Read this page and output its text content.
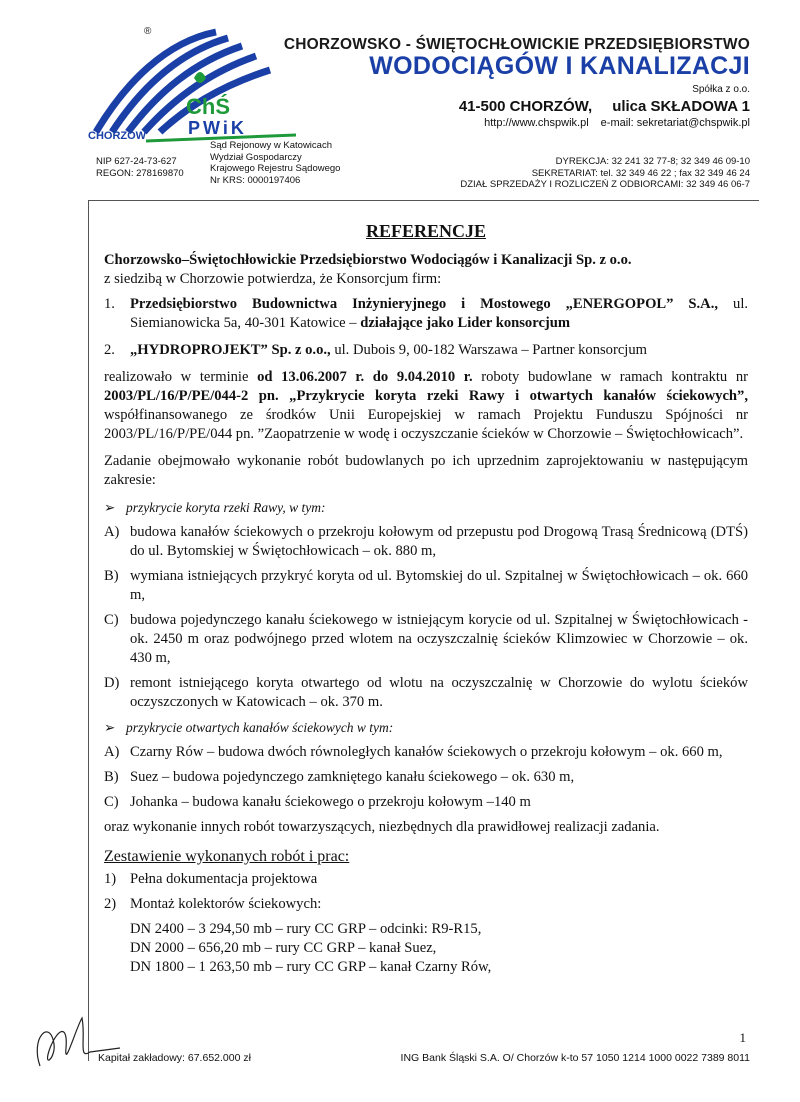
®
ChŚ
PWiK
CHORZÓW
CHORZOWSKO - ŚWIĘTOCHŁOWICKIE PRZEDSIĘBIORSTWO
WODOCIĄGÓW I KANALIZACJI
Spółka z o.o.
41-500 CHORZÓW, ulica SKŁADOWA 1
http://www.chspwik.pl e-mail: sekretariat@chspwik.pl
NIP 627-24-73-627
REGON: 278169870
Sąd Rejonowy w Katowicach
Wydział Gospodarczy
Krajowego Rejestru Sądowego
Nr KRS: 0000197406
DYREKCJA: 32 241 32 77-8; 32 349 46 09-10
SEKRETARIAT: tel. 32 349 46 22 ; fax 32 349 46 24
DZIAŁ SPRZEDAŻY I ROZLICZEŃ Z ODBIORCAMI: 32 349 46 06-7
REFERENCJE

Chorzowsko–Świętochłowickie Przedsiębiorstwo Wodociągów i Kanalizacji Sp. z o.o.
z siedzibą w Chorzowie potwierdza, że Konsorcjum firm:

1.	Przedsiębiorstwo Budownictwa Inżynieryjnego i Mostowego „ENERGOPOL” S.A., ul. Siemianowicka 5a, 40-301 Katowice – działające jako Lider konsorcjum
2.	„HYDROPROJEKT” Sp. z o.o., ul. Dubois 9, 00-182 Warszawa – Partner konsorcjum

realizowało w terminie od 13.06.2007 r. do 9.04.2010 r. roboty budowlane w ramach kontraktu nr 2003/PL/16/P/PE/044-2 pn. „Przykrycie koryta rzeki Rawy i otwartych kanałów ściekowych”, współfinansowanego ze środków Unii Europejskiej w ramach Projektu Funduszu Spójności nr 2003/PL/16/P/PE/044 pn. ”Zaopatrzenie w wodę i oczyszczanie ścieków w Chorzowie – Świętochłowicach”.

Zadanie obejmowało wykonanie robót budowlanych po ich uprzednim zaprojektowaniu w następującym zakresie:

➢ przykrycie koryta rzeki Rawy, w tym:
A) budowa kanałów ściekowych o przekroju kołowym od przepustu pod Drogową Trasą Średnicową (DTŚ) do ul. Bytomskiej w Świętochłowicach – ok. 880 m,
B) wymiana istniejących przykryć koryta od ul. Bytomskiej do ul. Szpitalnej w Świętochłowicach – ok. 660 m,
C) budowa pojedynczego kanału ściekowego w istniejącym korycie od ul. Szpitalnej w Świętochłowicach - ok. 2450 m oraz podwójnego przed wlotem na oczyszczalnię ścieków Klimzowiec w Chorzowie – ok. 430 m,
D) remont istniejącego koryta otwartego od wlotu na oczyszczalnię w Chorzowie do wylotu ścieków oczyszczonych w Katowicach – ok. 370 m.
➢ przykrycie otwartych kanałów ściekowych w tym:
A) Czarny Rów – budowa dwóch równoległych kanałów ściekowych o przekroju kołowym – ok. 660 m,
B) Suez – budowa pojedynczego zamkniętego kanału ściekowego – ok. 630 m,
C) Johanka – budowa kanału ściekowego o przekroju kołowym –140 m

oraz wykonanie innych robót towarzyszących, niezbędnych dla prawidłowej realizacji zadania.

Zestawienie wykonanych robót i prac:
1) Pełna dokumentacja projektowa
2) Montaż kolektorów ściekowych:
DN 2400 – 3 294,50 mb – rury CC GRP – odcinki: R9-R15,
DN 2000 – 656,20 mb – rury CC GRP – kanał Suez,
DN 1800 – 1 263,50 mb – rury CC GRP – kanał Czarny Rów,
1
Kapitał zakładowy: 67.652.000 zł	ING Bank Śląski S.A. O/ Chorzów k-to 57 1050 1214 1000 0022 7389 8011
